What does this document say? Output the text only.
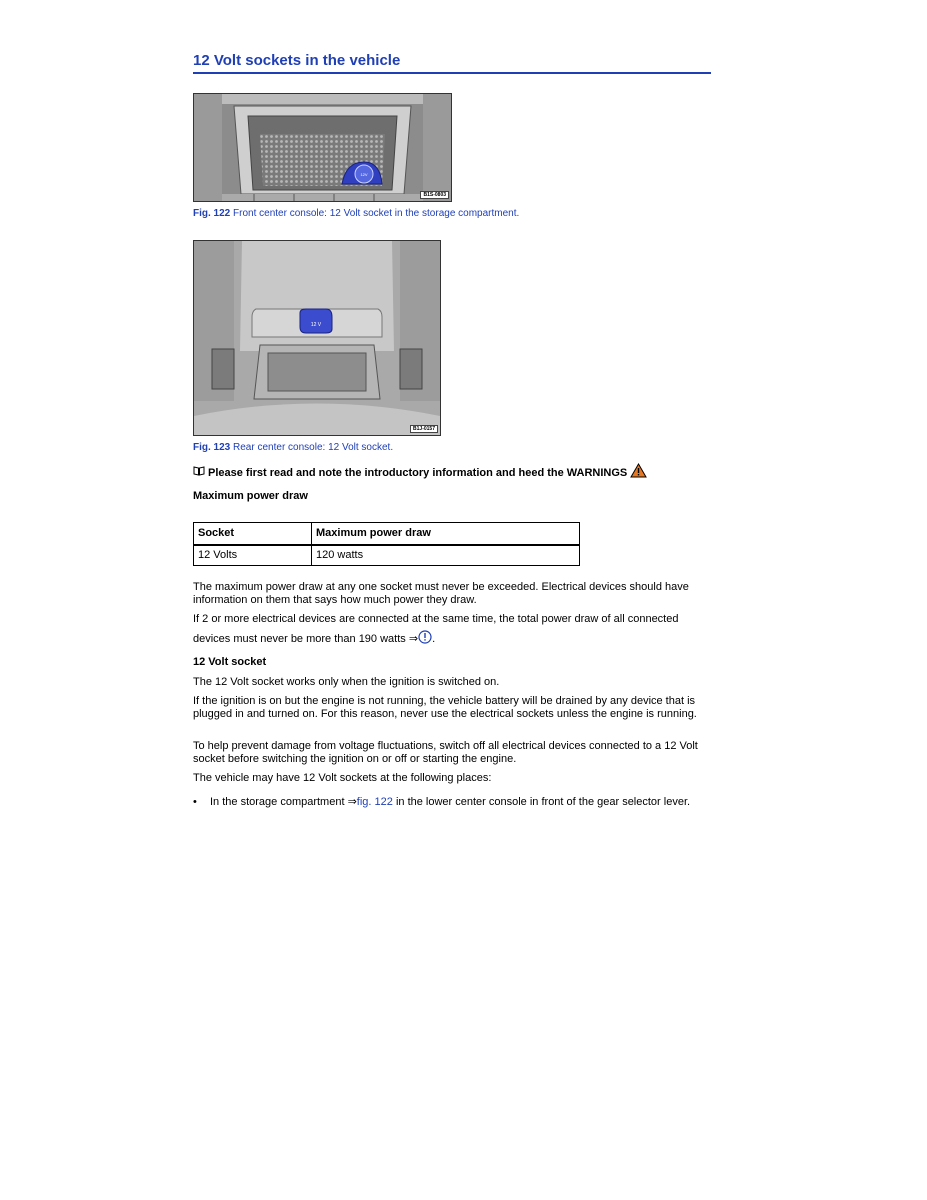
12 Volt sockets in the vehicle
12V
B1S-0803
Fig. 122 Front center console: 12 Volt socket in the storage compartment.
12 V
B1J-0157
Fig. 123 Rear center console: 12 Volt socket.
Please first read and note the introductory information and heed the WARNINGS
Maximum power draw
Socket	Maximum power draw
12 Volts	120 watts
The maximum power draw at any one socket must never be exceeded. Electrical devices should have information on them that says how much power they draw.
If 2 or more electrical devices are connected at the same time, the total power draw of all connected
devices must never be more than 190 watts ⇒ .
12 Volt socket
The 12 Volt socket works only when the ignition is switched on.
If the ignition is on but the engine is not running, the vehicle battery will be drained by any device that is plugged in and turned on. For this reason, never use the electrical sockets unless the engine is running.
To help prevent damage from voltage fluctuations, switch off all electrical devices connected to a 12 Volt socket before switching the ignition on or off or starting the engine.
The vehicle may have 12 Volt sockets at the following places:
• In the storage compartment ⇒fig. 122 in the lower center console in front of the gear selector lever.
